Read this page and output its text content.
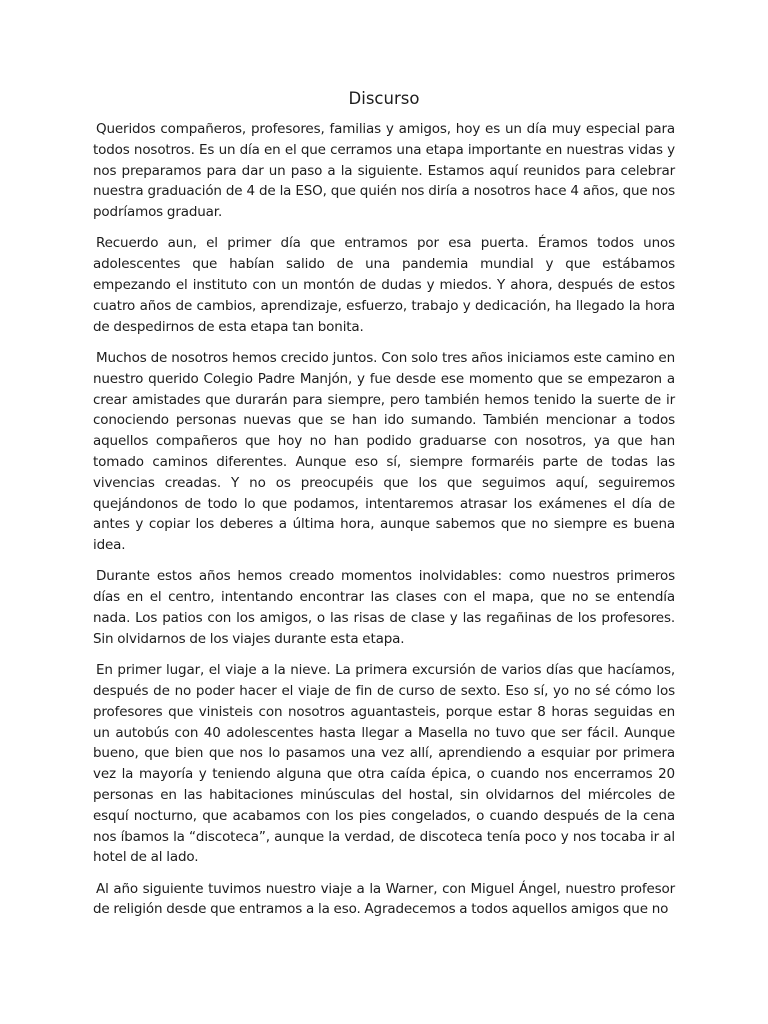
Discurso

Queridos compañeros, profesores, familias y amigos, hoy es un día muy especial para todos nosotros. Es un día en el que cerramos una etapa importante en nuestras vidas y nos preparamos para dar un paso a la siguiente. Estamos aquí reunidos para celebrar nuestra graduación de 4 de la ESO, que quién nos diría a nosotros hace 4 años, que nos podríamos graduar.

Recuerdo aun, el primer día que entramos por esa puerta. Éramos todos unos adolescentes que habían salido de una pandemia mundial y que estábamos empezando el instituto con un montón de dudas y miedos. Y ahora, después de estos cuatro años de cambios, aprendizaje, esfuerzo, trabajo y dedicación, ha llegado la hora de despedirnos de esta etapa tan bonita.

Muchos de nosotros hemos crecido juntos. Con solo tres años iniciamos este camino en nuestro querido Colegio Padre Manjón, y fue desde ese momento que se empezaron a crear amistades que durarán para siempre, pero también hemos tenido la suerte de ir conociendo personas nuevas que se han ido sumando. También mencionar a todos aquellos compañeros que hoy no han podido graduarse con nosotros, ya que han tomado caminos diferentes. Aunque eso sí, siempre formaréis parte de todas las vivencias creadas. Y no os preocupéis que los que seguimos aquí, seguiremos quejándonos de todo lo que podamos, intentaremos atrasar los exámenes el día de antes y copiar los deberes a última hora, aunque sabemos que no siempre es buena idea.

Durante estos años hemos creado momentos inolvidables: como nuestros primeros días en el centro, intentando encontrar las clases con el mapa, que no se entendía nada. Los patios con los amigos, o las risas de clase y las regañinas de los profesores. Sin olvidarnos de los viajes durante esta etapa.

En primer lugar, el viaje a la nieve. La primera excursión de varios días que hacíamos, después de no poder hacer el viaje de fin de curso de sexto. Eso sí, yo no sé cómo los profesores que vinisteis con nosotros aguantasteis, porque estar 8 horas seguidas en un autobús con 40 adolescentes hasta llegar a Masella no tuvo que ser fácil. Aunque bueno, que bien que nos lo pasamos una vez allí, aprendiendo a esquiar por primera vez la mayoría y teniendo alguna que otra caída épica, o cuando nos encerramos 20 personas en las habitaciones minúsculas del hostal, sin olvidarnos del miércoles de esquí nocturno, que acabamos con los pies congelados, o cuando después de la cena nos íbamos la “discoteca”, aunque la verdad, de discoteca tenía poco y nos tocaba ir al hotel de al lado.

Al año siguiente tuvimos nuestro viaje a la Warner, con Miguel Ángel, nuestro profesor de religión desde que entramos a la eso. Agradecemos a todos aquellos amigos que no
